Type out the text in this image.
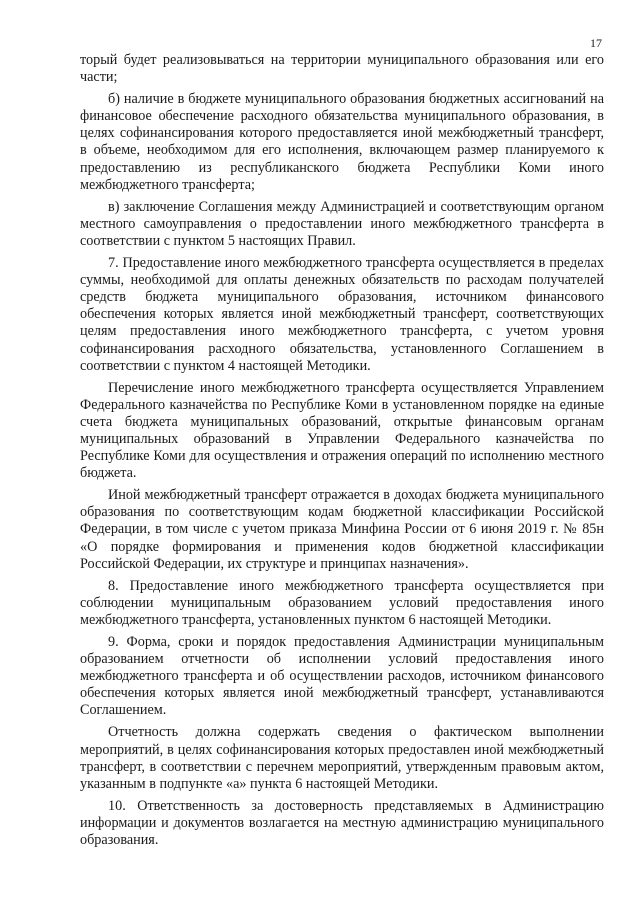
17

торый будет реализовываться на территории муниципального образования или его части;

б) наличие в бюджете муниципального образования бюджетных ассигнований на финансовое обеспечение расходного обязательства муниципального образования, в целях софинансирования которого предоставляется иной межбюджетный трансферт, в объеме, необходимом для его исполнения, включающем размер планируемого к предоставлению из республиканского бюджета Республики Коми иного межбюджетного трансферта;

в) заключение Соглашения между Администрацией и соответствующим органом местного самоуправления о предоставлении иного межбюджетного трансферта в соответствии с пунктом 5 настоящих Правил.

7. Предоставление иного межбюджетного трансферта осуществляется в пределах суммы, необходимой для оплаты денежных обязательств по расходам получателей средств бюджета муниципального образования, источником финансового обеспечения которых является иной межбюджетный трансферт, соответствующих целям предоставления иного межбюджетного трансферта, с учетом уровня софинансирования расходного обязательства, установленного Соглашением в соответствии с пунктом 4 настоящей Методики.

Перечисление иного межбюджетного трансферта осуществляется Управлением Федерального казначейства по Республике Коми в установленном порядке на единые счета бюджета муниципальных образований, открытые финансовым органам муниципальных образований в Управлении Федерального казначейства по Республике Коми для осуществления и отражения операций по исполнению местного бюджета.

Иной межбюджетный трансферт отражается в доходах бюджета муниципального образования по соответствующим кодам бюджетной классификации Российской Федерации, в том числе с учетом приказа Минфина России от 6 июня 2019 г. № 85н «О порядке формирования и применения кодов бюджетной классификации Российской Федерации, их структуре и принципах назначения».

8. Предоставление иного межбюджетного трансферта осуществляется при соблюдении муниципальным образованием условий предоставления иного межбюджетного трансферта, установленных пунктом 6 настоящей Методики.

9. Форма, сроки и порядок предоставления Администрации муниципальным образованием отчетности об исполнении условий предоставления иного межбюджетного трансферта и об осуществлении расходов, источником финансового обеспечения которых является иной межбюджетный трансферт, устанавливаются Соглашением.

Отчетность должна содержать сведения о фактическом выполнении мероприятий, в целях софинансирования которых предоставлен иной межбюджетный трансферт, в соответствии с перечнем мероприятий, утвержденным правовым актом, указанным в подпункте «а» пункта 6 настоящей Методики.

10. Ответственность за достоверность представляемых в Администрацию информации и документов возлагается на местную администрацию муниципального образования.
